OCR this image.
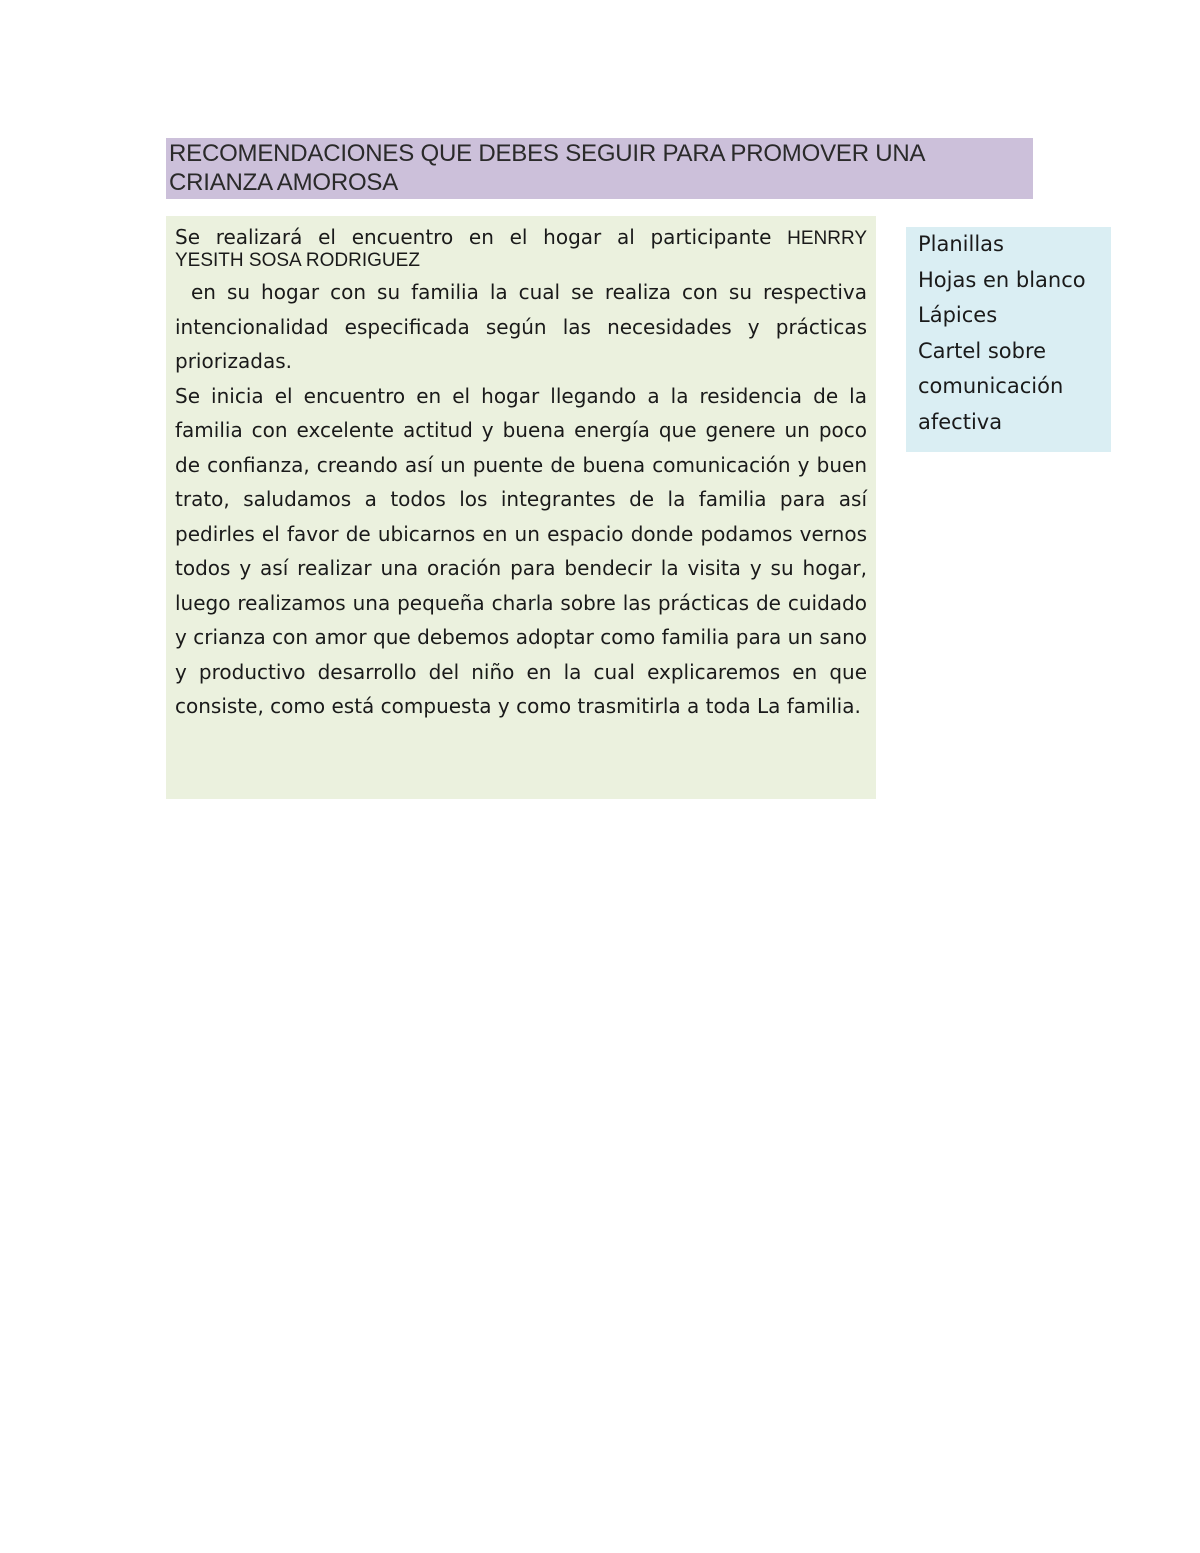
RECOMENDACIONES QUE DEBES SEGUIR PARA PROMOVER UNA CRIANZA AMOROSA
Se realizará el encuentro en el hogar al participante HENRRY
YESITH SOSA RODRIGUEZ

en su hogar con su familia la cual se realiza con su respectiva intencionalidad especificada según las necesidades y prácticas priorizadas.

Se inicia el encuentro en el hogar llegando a la residencia de la familia con excelente actitud y buena energía que genere un poco de confianza, creando así un puente de buena comunicación y buen trato, saludamos a todos los integrantes de la familia para así pedirles el favor de ubicarnos en un espacio donde podamos vernos todos y así realizar una oración para bendecir la visita y su hogar, luego realizamos una pequeña charla sobre las prácticas de cuidado y crianza con amor que debemos adoptar como familia para un sano y productivo desarrollo del niño en la cual explicaremos en que consiste, como está compuesta y como trasmitirla a toda La familia.

Planillas
Hojas en blanco
Lápices
Cartel sobre
comunicación
afectiva
